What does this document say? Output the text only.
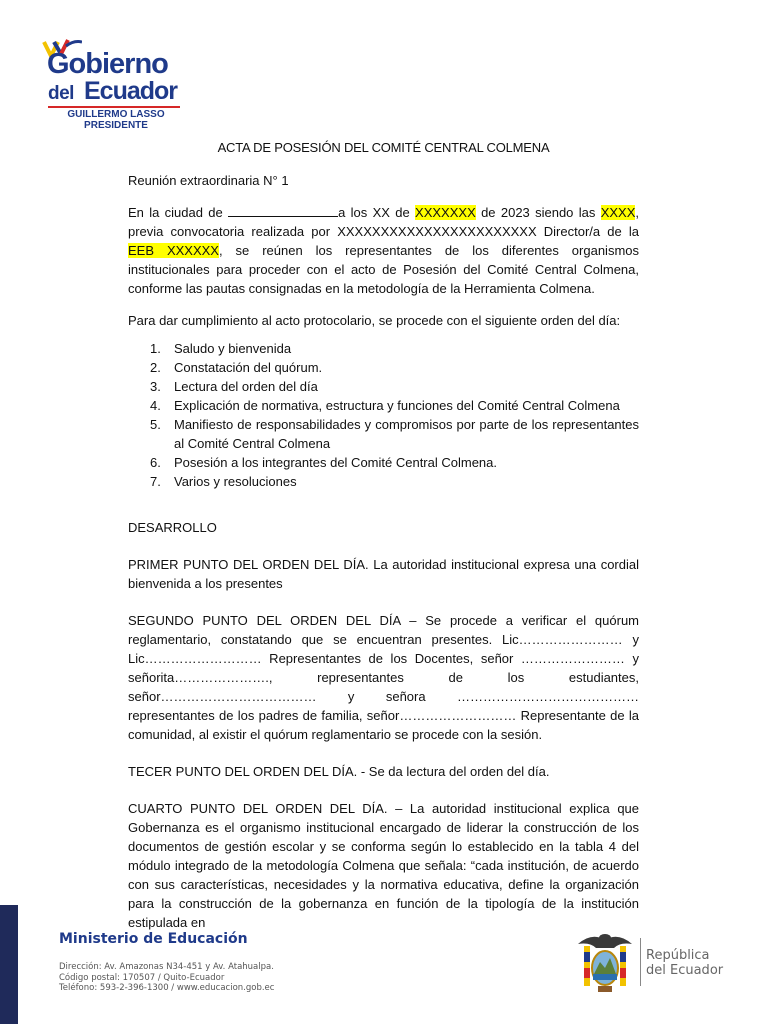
Gobierno
del Ecuador
GUILLERMO LASSO
PRESIDENTE
ACTA DE POSESIÓN DEL COMITÉ CENTRAL COLMENA
Reunión extraordinaria N° 1

En la ciudad de	a los XX de XXXXXXX de 2023 siendo las XXXX, previa convocatoria realizada por XXXXXXXXXXXXXXXXXXXXXXX Director/a de la EEB XXXXXX, se reúnen los representantes de los diferentes organismos institucionales para proceder con el acto de Posesión del Comité Central Colmena, conforme las pautas consignadas en la metodología de la Herramienta Colmena.

Para dar cumplimiento al acto protocolario, se procede con el siguiente orden del día:

1.	Saludo y bienvenida
2.	Constatación del quórum.
3.	Lectura del orden del día
4.	Explicación de normativa, estructura y funciones del Comité Central Colmena
5.	Manifiesto de responsabilidades y compromisos por parte de los representantes al Comité Central Colmena
6.	Posesión a los integrantes del Comité Central Colmena.
7.	Varios y resoluciones
DESARROLLO

PRIMER PUNTO DEL ORDEN DEL DÍA. La autoridad institucional expresa una cordial bienvenida a los presentes

SEGUNDO PUNTO DEL ORDEN DEL DÍA – Se procede a verificar el quórum reglamentario, constatando que se encuentran presentes. Lic…………………… y Lic……………………… Representantes de los Docentes, señor …………………… y señorita…………………., representantes de los estudiantes, señor……………………………… y señora …………………………………… representantes de los padres de familia, señor……………………… Representante de la comunidad, al existir el quórum reglamentario se procede con la sesión.

TECER PUNTO DEL ORDEN DEL DÍA. - Se da lectura del orden del día.

CUARTO PUNTO DEL ORDEN DEL DÍA. – La autoridad institucional explica que Gobernanza es el organismo institucional encargado de liderar la construcción de los documentos de gestión escolar y se conforma según lo establecido en la tabla 4 del módulo integrado de la metodología Colmena que señala: “cada institución, de acuerdo con sus características, necesidades y la normativa educativa, define la organización para la construcción de la gobernanza en función de la tipología de la institución estipulada en

Ministerio de Educación
Dirección: Av. Amazonas N34-451 y Av. Atahualpa.
Código postal: 170507 / Quito-Ecuador
Teléfono: 593-2-396-1300 / www.educacion.gob.ec
República
del Ecuador
